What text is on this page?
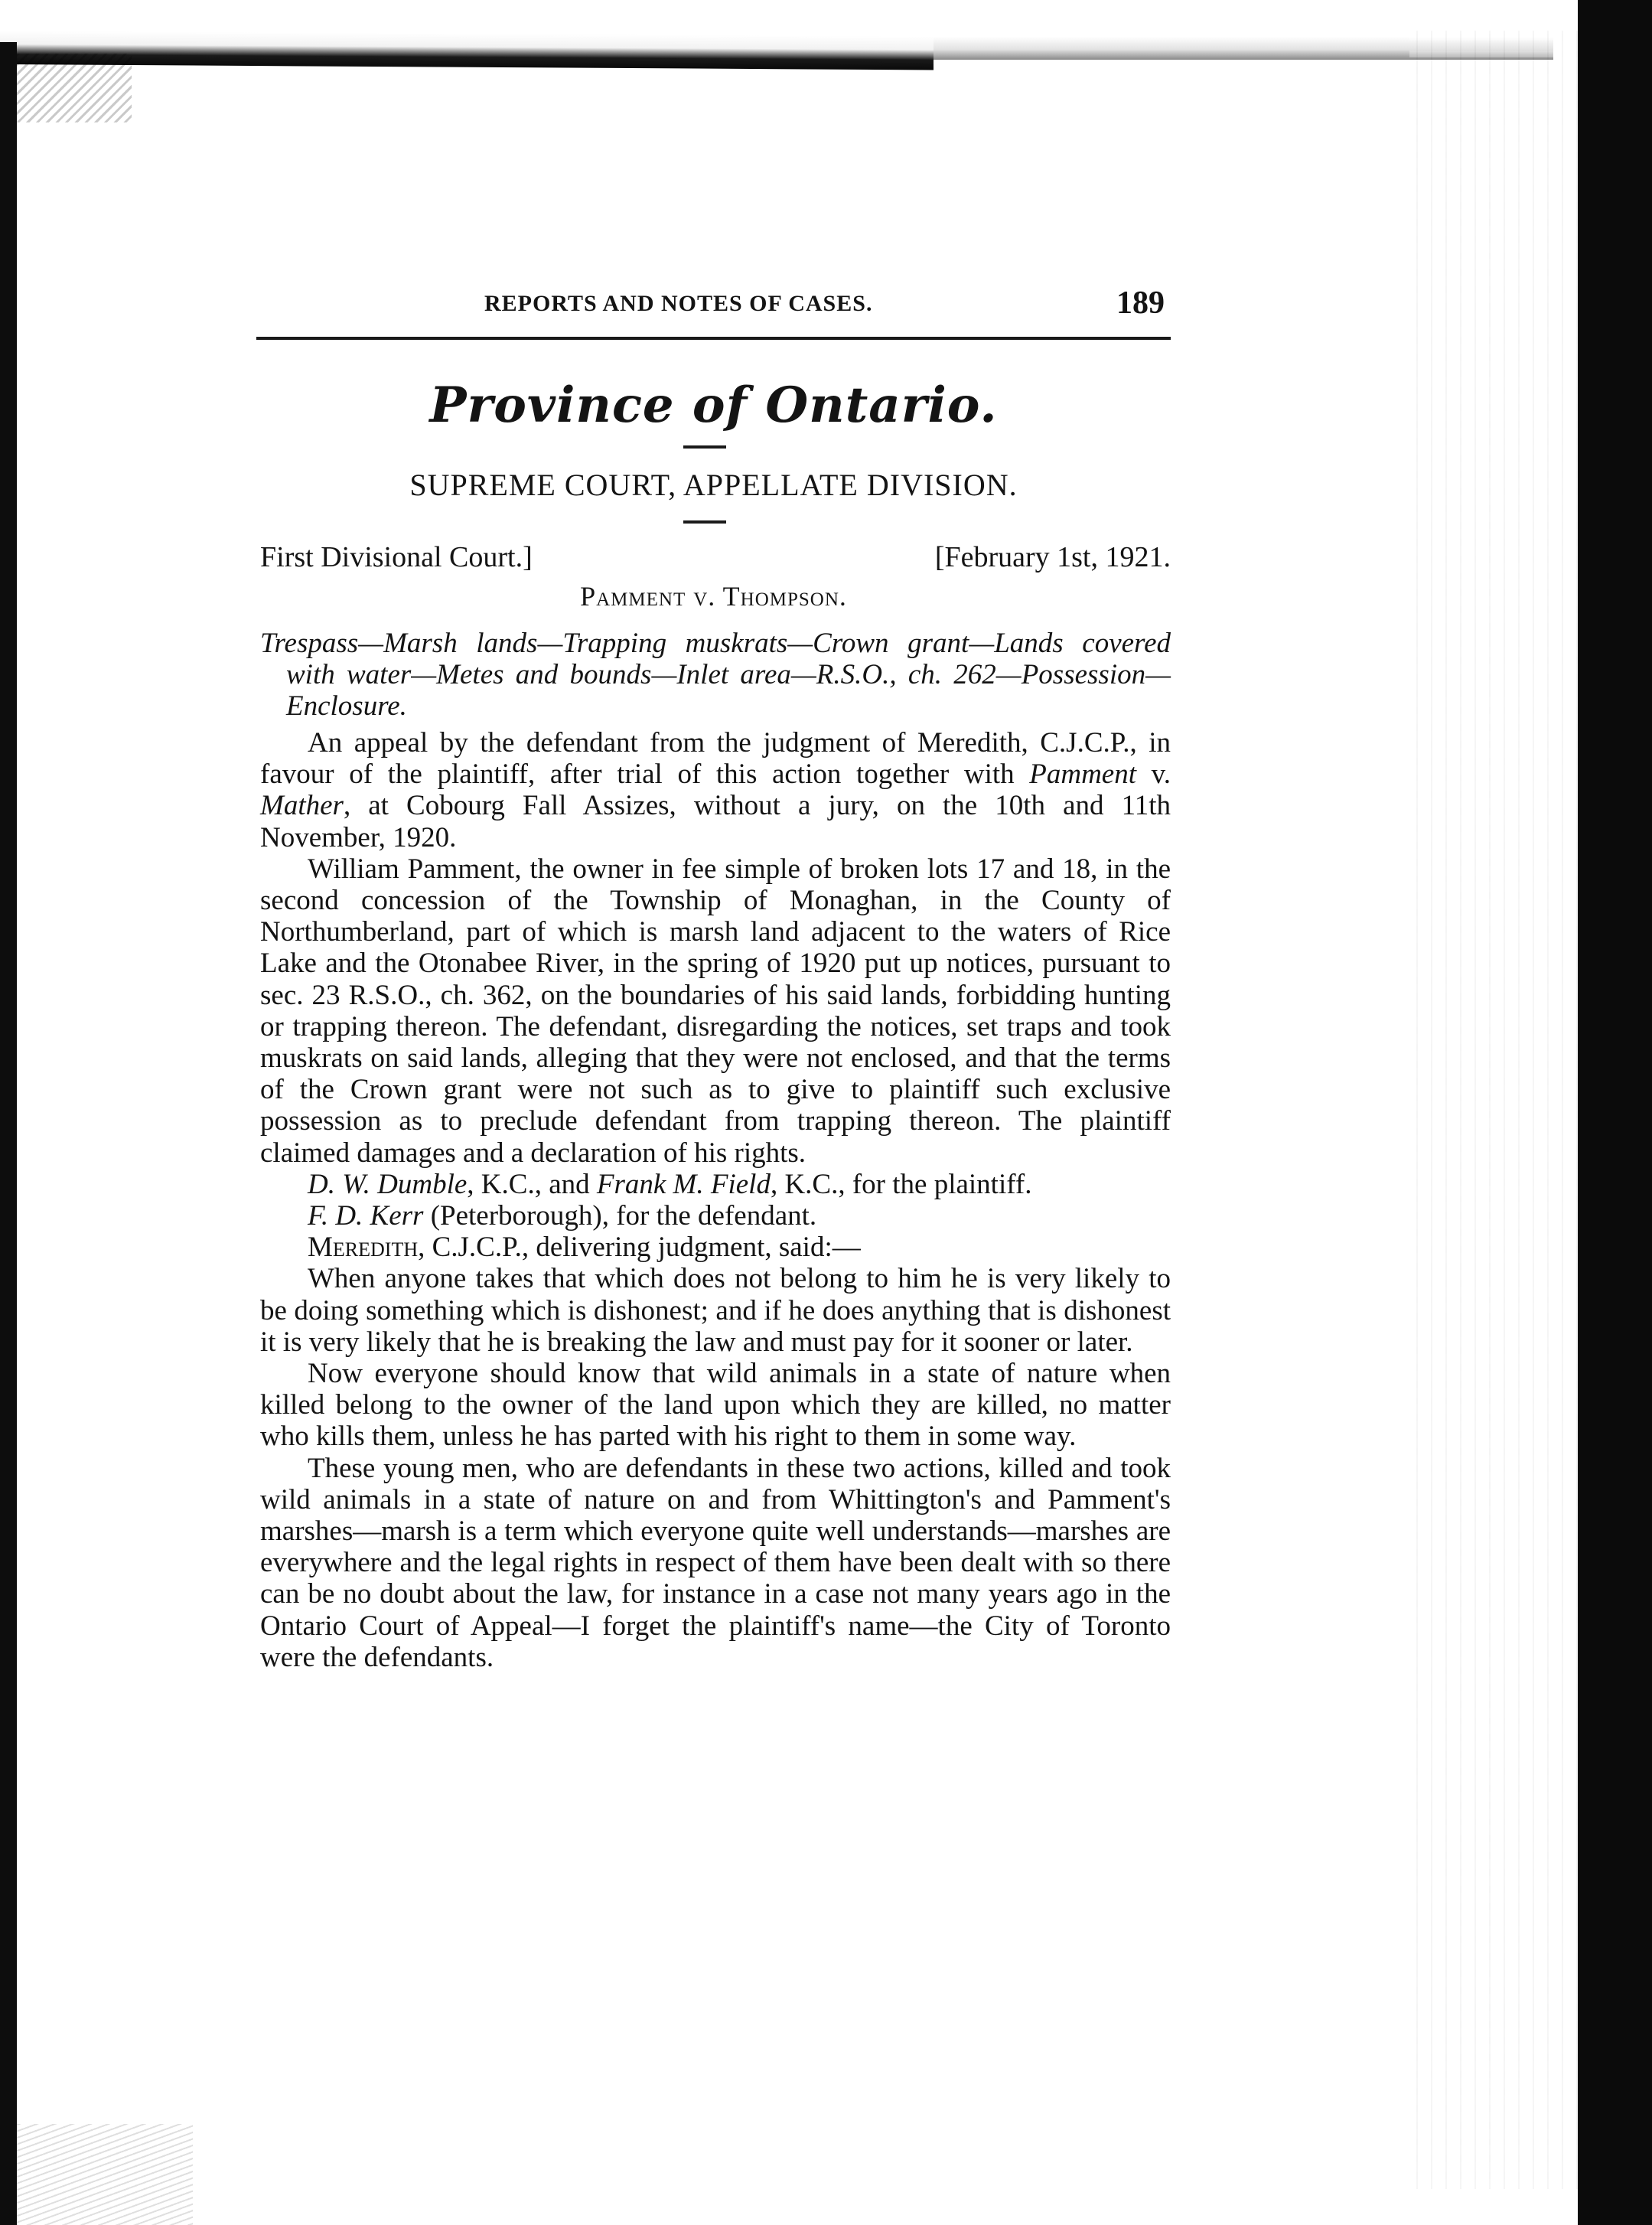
REPORTS AND NOTES OF CASES.	189
Province of Ontario.
SUPREME COURT, APPELLATE DIVISION.
First Divisional Court.]	[February 1st, 1921.
Pamment v. Thompson.
Trespass—Marsh lands—Trapping muskrats—Crown grant—Lands covered with water—Metes and bounds—Inlet area—R.S.O., ch. 262—Possession—Enclosure.

An appeal by the defendant from the judgment of Meredith, C.J.C.P., in favour of the plaintiff, after trial of this action together with Pamment v. Mather, at Cobourg Fall Assizes, without a jury, on the 10th and 11th November, 1920.

William Pamment, the owner in fee simple of broken lots 17 and 18, in the second concession of the Township of Monaghan, in the County of Northumberland, part of which is marsh land adjacent to the waters of Rice Lake and the Otonabee River, in the spring of 1920 put up notices, pursuant to sec. 23 R.S.O., ch. 362, on the boundaries of his said lands, forbidding hunting or trapping thereon. The defendant, disregarding the notices, set traps and took muskrats on said lands, alleging that they were not enclosed, and that the terms of the Crown grant were not such as to give to plaintiff such exclusive possession as to preclude defendant from trapping thereon. The plaintiff claimed damages and a declaration of his rights.

D. W. Dumble, K.C., and Frank M. Field, K.C., for the plaintiff.

F. D. Kerr (Peterborough), for the defendant.

Meredith, C.J.C.P., delivering judgment, said:—

When anyone takes that which does not belong to him he is very likely to be doing something which is dishonest; and if he does anything that is dishonest it is very likely that he is breaking the law and must pay for it sooner or later.

Now everyone should know that wild animals in a state of nature when killed belong to the owner of the land upon which they are killed, no matter who kills them, unless he has parted with his right to them in some way.

These young men, who are defendants in these two actions, killed and took wild animals in a state of nature on and from Whittington's and Pamment's marshes—marsh is a term which everyone quite well understands—marshes are everywhere and the legal rights in respect of them have been dealt with so there can be no doubt about the law, for instance in a case not many years ago in the Ontario Court of Appeal—I forget the plaintiff's name—the City of Toronto were the defendants.
